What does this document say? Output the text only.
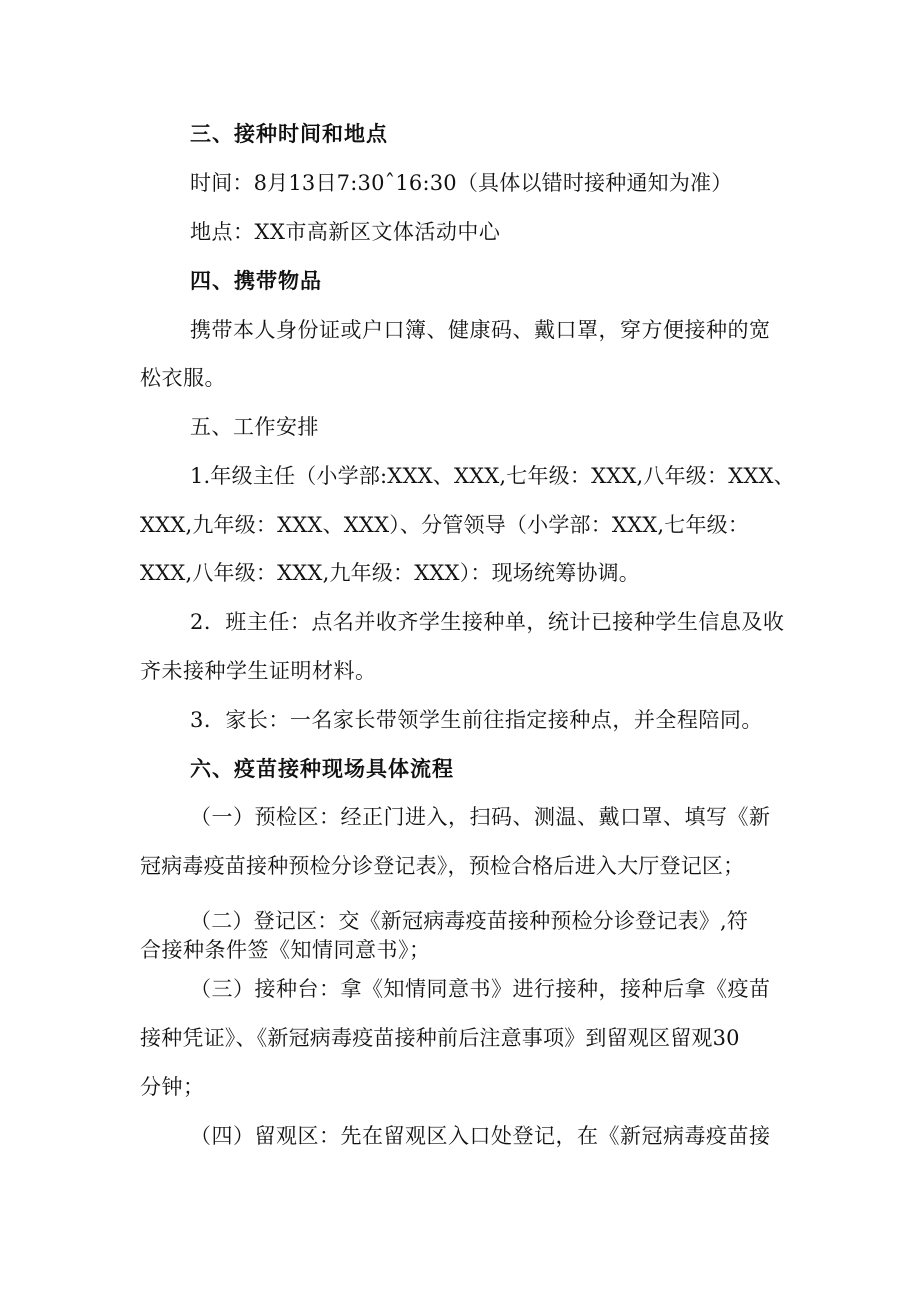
三、接种时间和地点
时间：8月13日7:30ˆ16:30（具体以错时接种通知为准）
地点：XX市高新区文体活动中心
四、携带物品
携带本人身份证或户口簿、健康码、戴口罩，穿方便接种的宽
松衣服。
五、工作安排
1.年级主任（小学部:XXX、XXX,七年级：XXX,八年级：XXX、
XXX,九年级：XXX、XXX）、分管领导（小学部：XXX,七年级：
XXX,八年级：XXX,九年级：XXX）：现场统筹协调。
2．班主任：点名并收齐学生接种单，统计已接种学生信息及收
齐未接种学生证明材料。
3．家长：一名家长带领学生前往指定接种点，并全程陪同。
六、疫苗接种现场具体流程
（一）预检区：经正门进入，扫码、测温、戴口罩、填写《新
冠病毒疫苗接种预检分诊登记表》，预检合格后进入大厅登记区；
（二）登记区：交《新冠病毒疫苗接种预检分诊登记表》,符
合接种条件签《知情同意书》；
（三）接种台：拿《知情同意书》进行接种，接种后拿《疫苗
接种凭证》、《新冠病毒疫苗接种前后注意事项》到留观区留观30
分钟；
（四）留观区：先在留观区入口处登记，在《新冠病毒疫苗接
